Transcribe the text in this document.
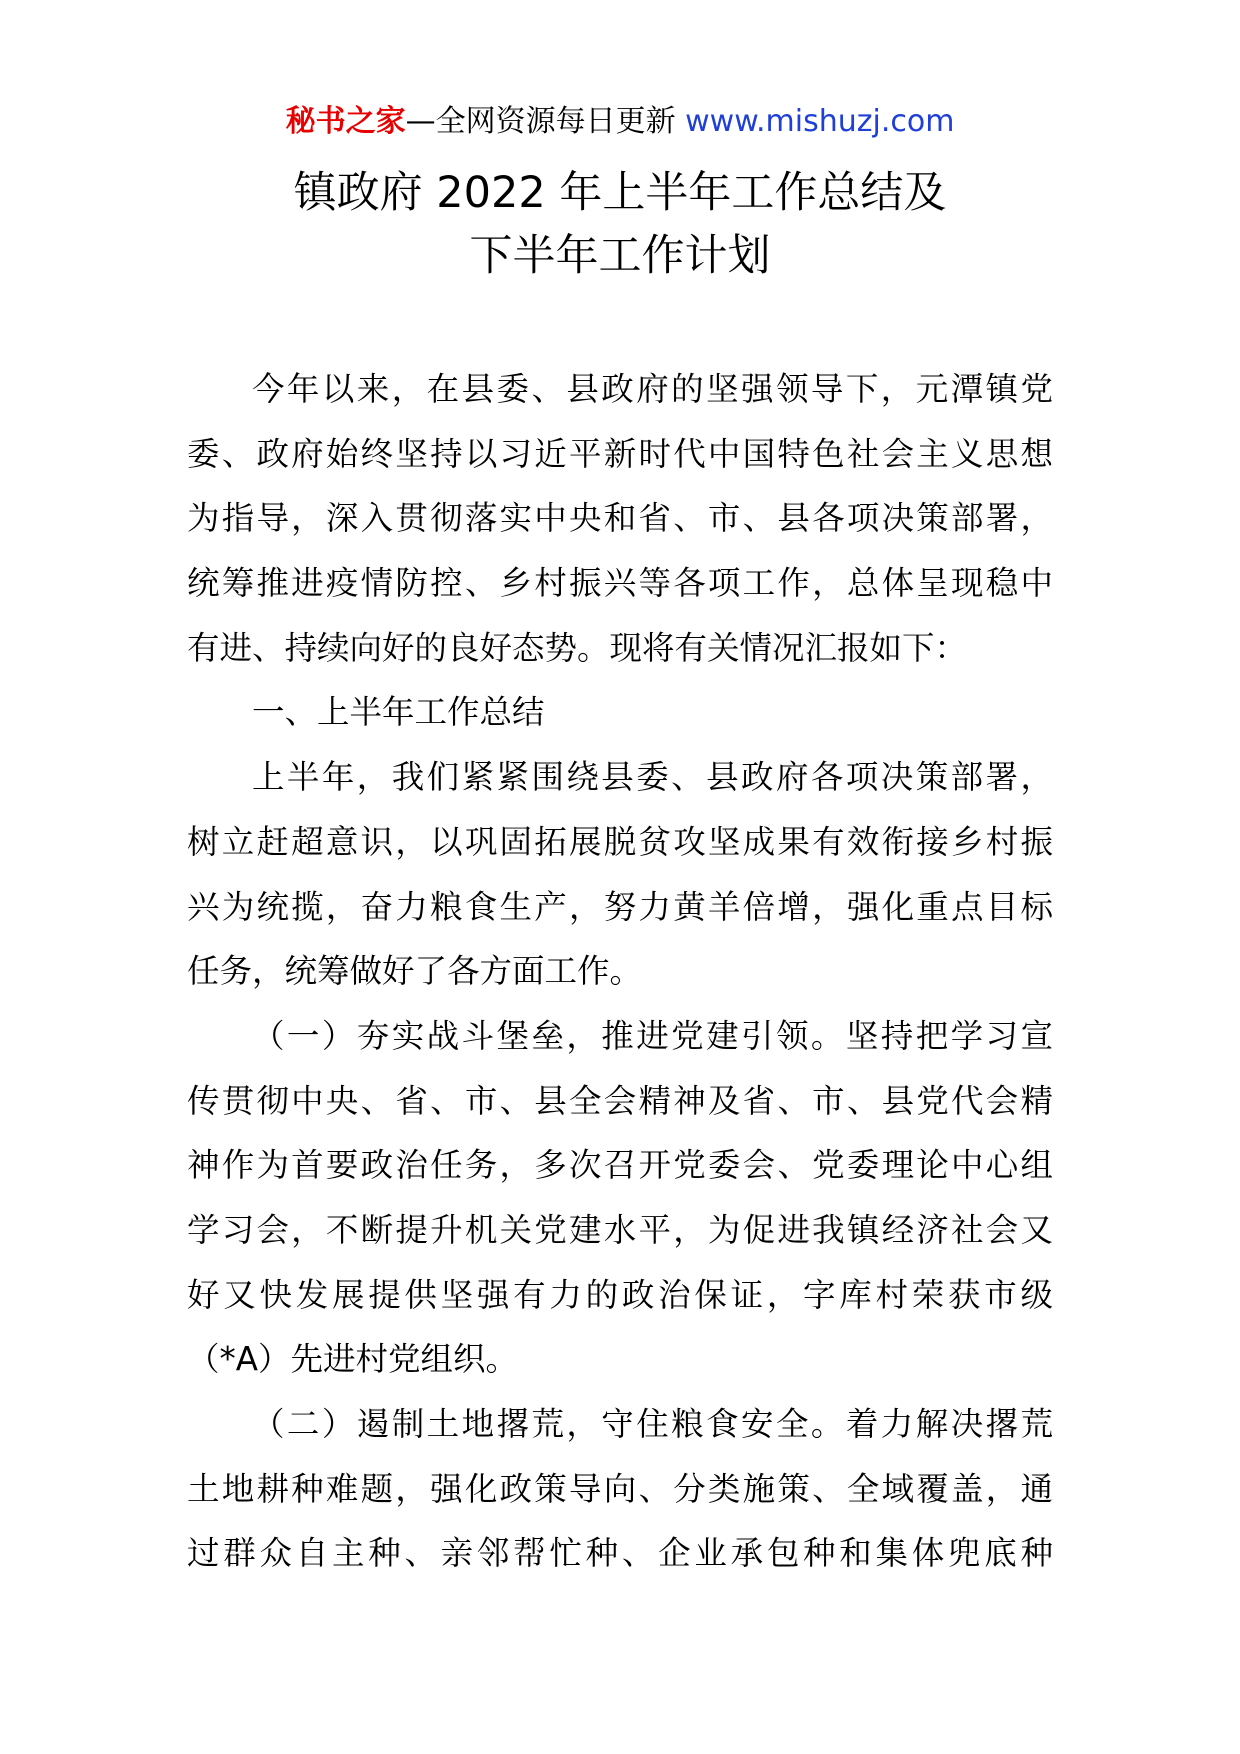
秘书之家—全网资源每日更新 www.mishuzj.com
镇政府 2022 年上半年工作总结及
下半年工作计划
今年以来，在县委、县政府的坚强领导下，元潭镇党
委、政府始终坚持以习近平新时代中国特色社会主义思想
为指导，深入贯彻落实中央和省、市、县各项决策部署，
统筹推进疫情防控、乡村振兴等各项工作，总体呈现稳中
有进、持续向好的良好态势。现将有关情况汇报如下：
一、上半年工作总结
上半年，我们紧紧围绕县委、县政府各项决策部署，
树立赶超意识，以巩固拓展脱贫攻坚成果有效衔接乡村振
兴为统揽，奋力粮食生产，努力黄羊倍增，强化重点目标
任务，统筹做好了各方面工作。
（一）夯实战斗堡垒，推进党建引领。坚持把学习宣
传贯彻中央、省、市、县全会精神及省、市、县党代会精
神作为首要政治任务，多次召开党委会、党委理论中心组
学习会，不断提升机关党建水平，为促进我镇经济社会又
好又快发展提供坚强有力的政治保证，字库村荣获市级
（*A）先进村党组织。
（二）遏制土地撂荒，守住粮食安全。着力解决撂荒
土地耕种难题，强化政策导向、分类施策、全域覆盖，通
过群众自主种、亲邻帮忙种、企业承包种和集体兜底种
